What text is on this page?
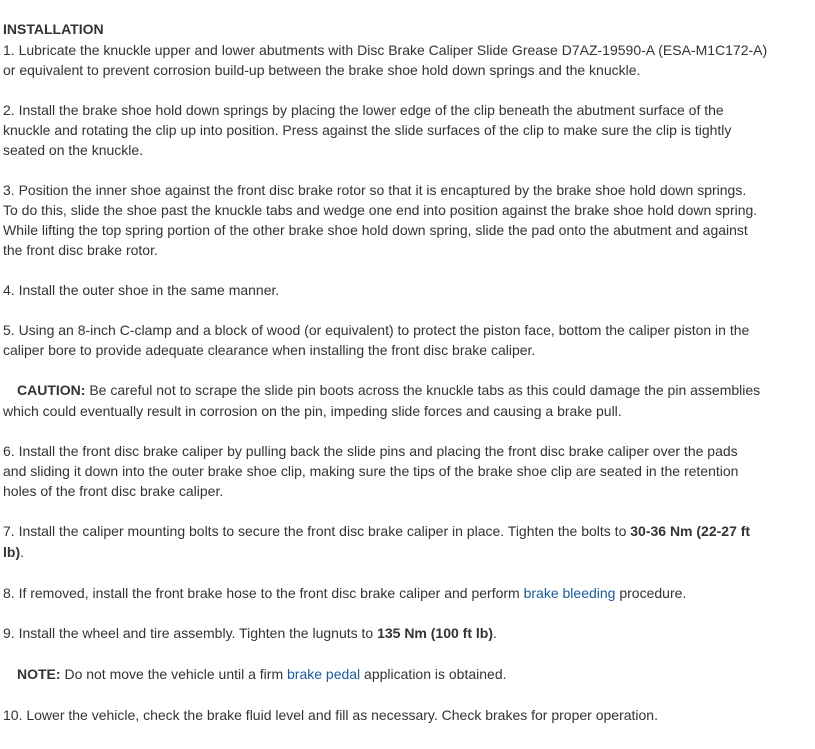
INSTALLATION
1. Lubricate the knuckle upper and lower abutments with Disc Brake Caliper Slide Grease D7AZ-19590-A (ESA-M1C172-A)
or equivalent to prevent corrosion build-up between the brake shoe hold down springs and the knuckle.
2. Install the brake shoe hold down springs by placing the lower edge of the clip beneath the abutment surface of the
knuckle and rotating the clip up into position. Press against the slide surfaces of the clip to make sure the clip is tightly
seated on the knuckle.
3. Position the inner shoe against the front disc brake rotor so that it is encaptured by the brake shoe hold down springs.
To do this, slide the shoe past the knuckle tabs and wedge one end into position against the brake shoe hold down spring.
While lifting the top spring portion of the other brake shoe hold down spring, slide the pad onto the abutment and against
the front disc brake rotor.
4. Install the outer shoe in the same manner.
5. Using an 8-inch C-clamp and a block of wood (or equivalent) to protect the piston face, bottom the caliper piston in the
caliper bore to provide adequate clearance when installing the front disc brake caliper.
CAUTION: Be careful not to scrape the slide pin boots across the knuckle tabs as this could damage the pin assemblies
which could eventually result in corrosion on the pin, impeding slide forces and causing a brake pull.
6. Install the front disc brake caliper by pulling back the slide pins and placing the front disc brake caliper over the pads
and sliding it down into the outer brake shoe clip, making sure the tips of the brake shoe clip are seated in the retention
holes of the front disc brake caliper.
7. Install the caliper mounting bolts to secure the front disc brake caliper in place. Tighten the bolts to 30-36 Nm (22-27 ft
lb).
8. If removed, install the front brake hose to the front disc brake caliper and perform brake bleeding procedure.
9. Install the wheel and tire assembly. Tighten the lugnuts to 135 Nm (100 ft lb).
NOTE: Do not move the vehicle until a firm brake pedal application is obtained.
10. Lower the vehicle, check the brake fluid level and fill as necessary. Check brakes for proper operation.
